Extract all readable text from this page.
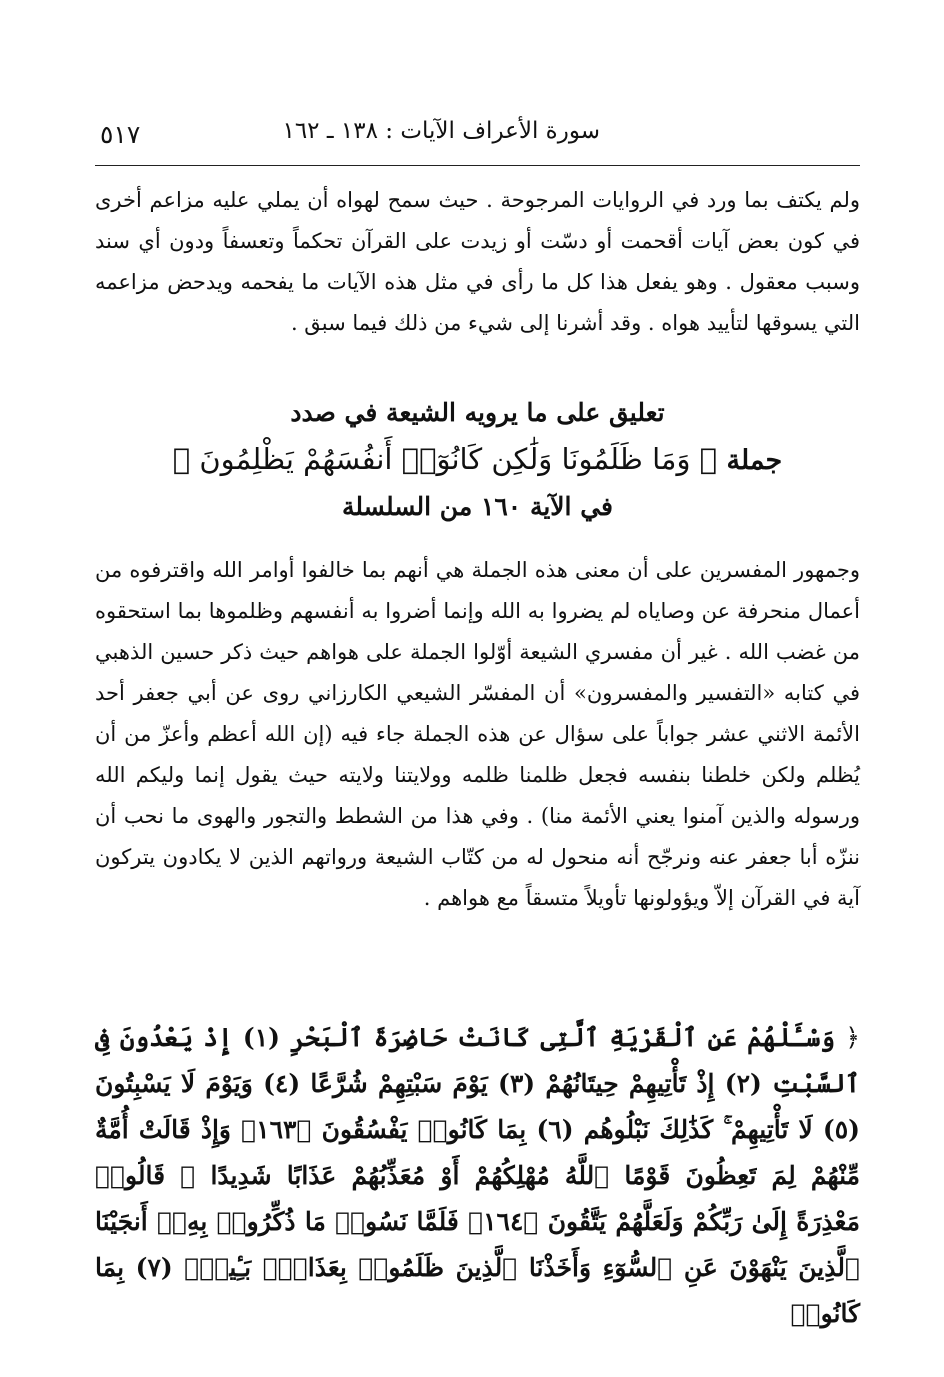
سورة الأعراف الآيات : ١٣٨ ـ ١٦٢
٥١٧

ولم يكتف بما ورد في الروايات المرجوحة . حيث سمح لهواه أن يملي عليه مزاعم أخرى في كون بعض آيات أقحمت أو دسّت أو زيدت على القرآن تحكماً وتعسفاً ودون أي سند وسبب معقول . وهو يفعل هذا كل ما رأى في مثل هذه الآيات ما يفحمه ويدحض مزاعمه التي يسوقها لتأييد هواه . وقد أشرنا إلى شيء من ذلك فيما سبق .

تعليق على ما يرويه الشيعة في صدد
جملة ﴿ وَمَا ظَلَمُونَا وَلَٰكِن كَانُوٓا۟ أَنفُسَهُمْ يَظْلِمُونَ ﴾
في الآية ١٦٠ من السلسلة

وجمهور المفسرين على أن معنى هذه الجملة هي أنهم بما خالفوا أوامر الله واقترفوه من أعمال منحرفة عن وصاياه لم يضروا به الله وإنما أضروا به أنفسهم وظلموها بما استحقوه من غضب الله . غير أن مفسري الشيعة أوّلوا الجملة على هواهم حيث ذكر حسين الذهبي في كتابه «التفسير والمفسرون» أن المفسّر الشيعي الكارزاني روى عن أبي جعفر أحد الأئمة الاثني عشر جواباً على سؤال عن هذه الجملة جاء فيه (إن الله أعظم وأعزّ من أن يُظلم ولكن خلطنا بنفسه فجعل ظلمنا ظلمه وولايتنا ولايته حيث يقول إنما وليكم الله ورسوله والذين آمنوا يعني الأئمة منا) . وفي هذا من الشطط والتجور والهوى ما نحب أن ننزّه أبا جعفر عنه ونرجّح أنه منحول له من كتّاب الشيعة ورواتهم الذين لا يكادون يتركون آية في القرآن إلاّ ويؤولونها تأويلاً متسقاً مع هواهم .

﴿ وَسْـَٔلْهُمْ عَنِ ٱلْقَرْيَةِ ٱلَّتِى كَانَتْ حَاضِرَةَ ٱلْبَحْرِ (١) إِذْ يَعْدُونَ فِى ٱلسَّبْتِ (٢) إِذْ تَأْتِيهِمْ حِيتَانُهُمْ (٣) يَوْمَ سَبْتِهِمْ شُرَّعًا (٤) وَيَوْمَ لَا يَسْبِتُونَ (٥) لَا تَأْتِيهِمْ ۚ كَذَٰلِكَ نَبْلُوهُم (٦) بِمَا كَانُوا۟ يَفْسُقُونَ ﴿١٦٣﴾ وَإِذْ قَالَتْ أُمَّةٌ مِّنْهُمْ لِمَ تَعِظُونَ قَوْمًا ٱللَّهُ مُهْلِكُهُمْ أَوْ مُعَذِّبُهُمْ عَذَابًا شَدِيدًا ۖ قَالُوا۟ مَعْذِرَةً إِلَىٰ رَبِّكُمْ وَلَعَلَّهُمْ يَتَّقُونَ ﴿١٦٤﴾ فَلَمَّا نَسُوا۟ مَا ذُكِّرُوا۟ بِهِۦٓ أَنجَيْنَا ٱلَّذِينَ يَنْهَوْنَ عَنِ ٱلسُّوٓءِ وَأَخَذْنَا ٱلَّذِينَ ظَلَمُوا۟ بِعَذَابٍۭ بَـِٔيسٍۭ (٧) بِمَا كَانُوا۟
